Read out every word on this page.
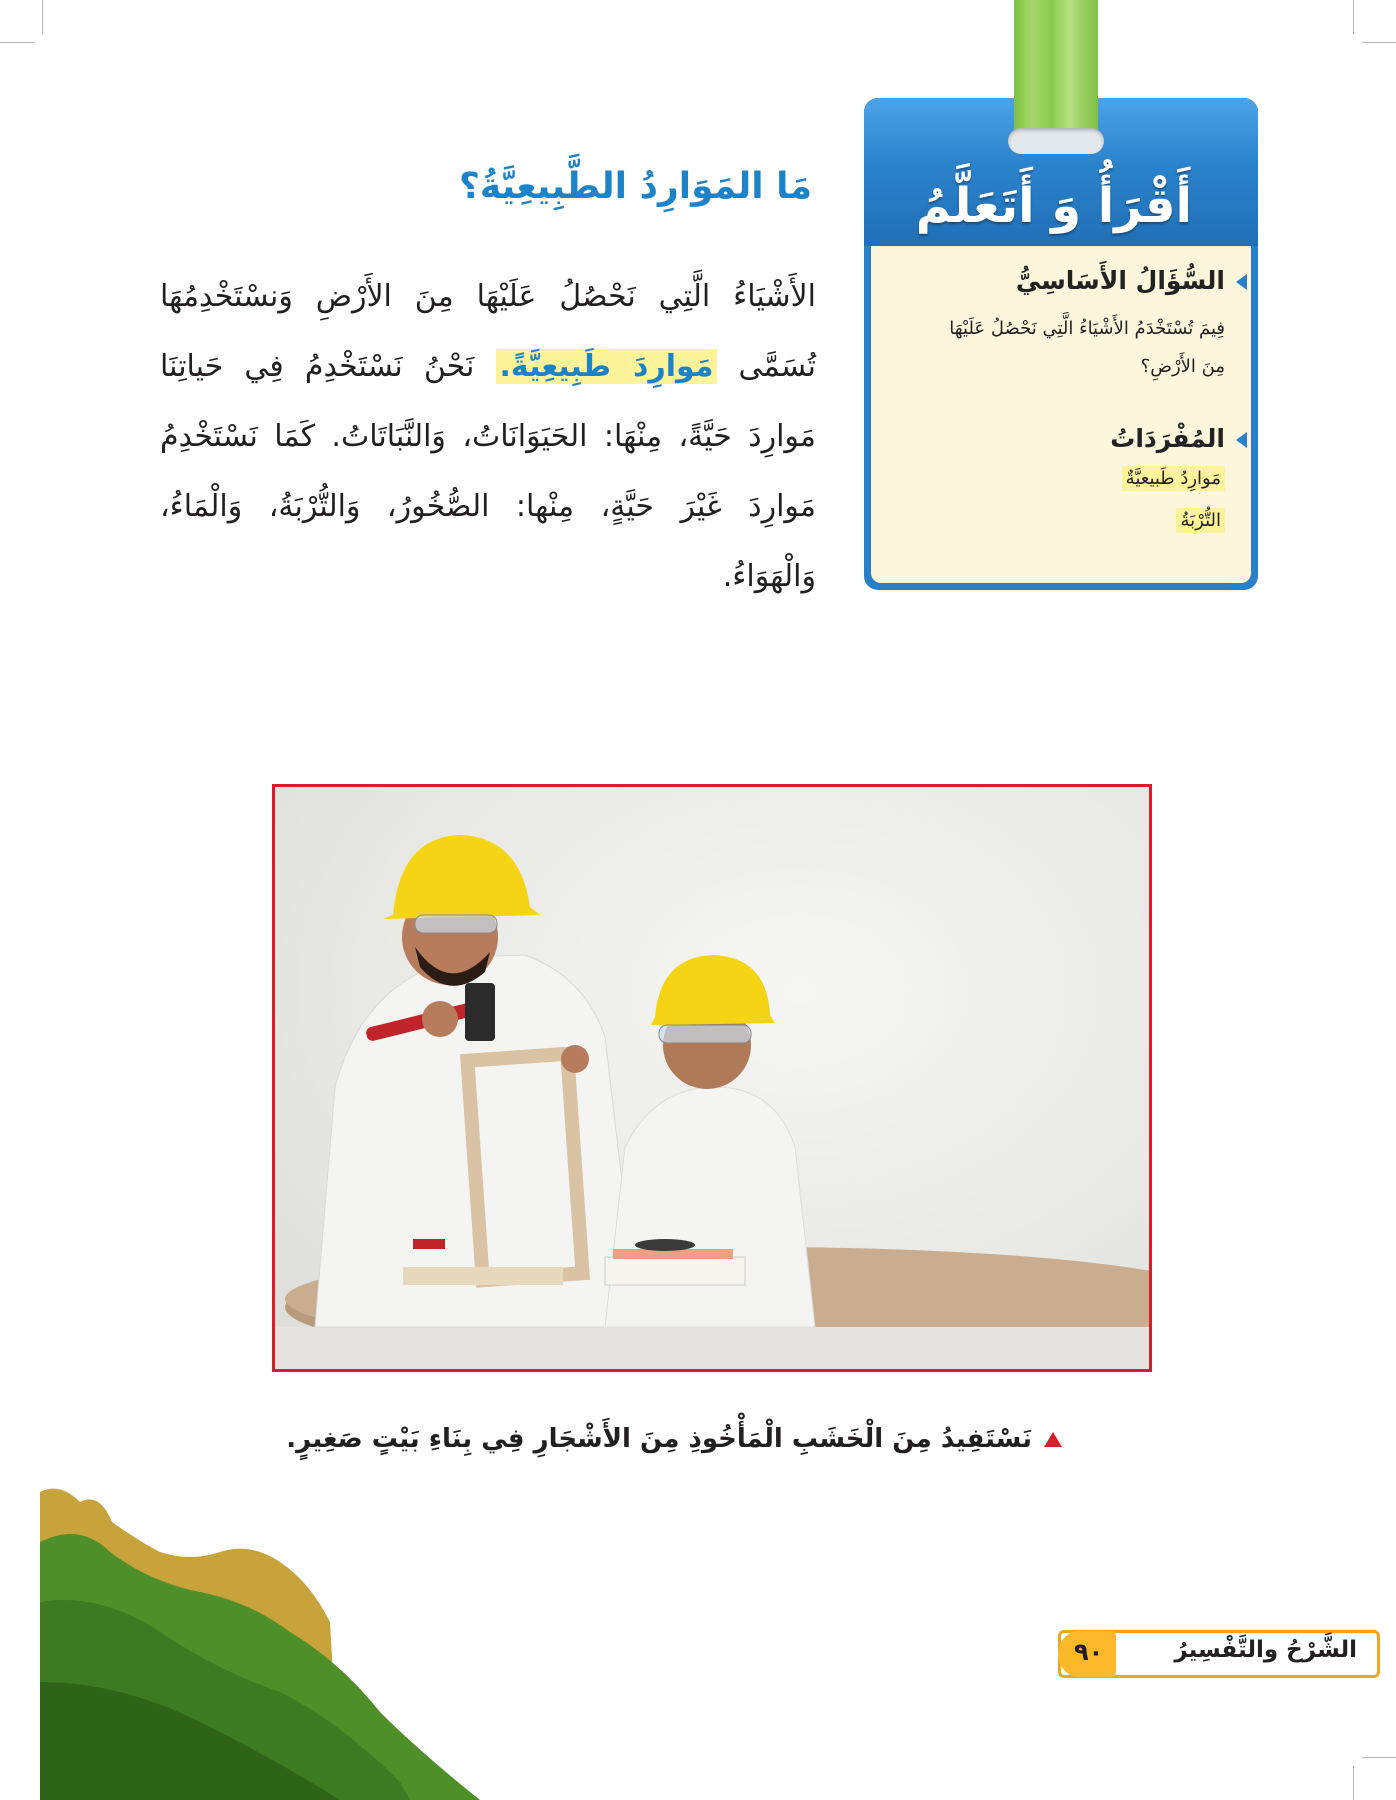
أَقْرَأُ وَ أَتَعَلَّمُ
السُّؤَالُ الأَسَاسِيُّ
فِيمَ تُسْتَخْدَمُ الأَشْيَاءُ الَّتِي نَحْصُلُ عَلَيْهَا
مِنَ الأَرْضِ؟
المُفْرَدَاتُ
مَوارِدُ طَبيعيَّةٌ
التُّرْبَةُ
مَا المَوَارِدُ الطَّبِيعِيَّةُ؟
الأَشْيَاءُ الَّتِي نَحْصُلُ عَلَيْهَا مِنَ الأَرْضِ وَنسْتَخْدِمُهَا تُسَمَّى مَوارِدَ طَبِيعِيَّةً. نَحْنُ نَسْتَخْدِمُ فِي حَياتِنَا مَوارِدَ حَيَّةً، مِنْهَا: الحَيَوَانَاتُ، وَالنَّبَاتَاتُ. كَمَا نَسْتَخْدِمُ مَوارِدَ غَيْرَ حَيَّةٍ، مِنْها: الصُّخُورُ، وَالتُّرْبَةُ، وَالْمَاءُ، وَالْهَوَاءُ.
نَسْتَفِيدُ مِنَ الْخَشَبِ الْمَأْخُوذِ مِنَ الأَشْجَارِ فِي بِنَاءِ بَيْتٍ صَغِيرٍ.
الشَّرْحُ والتَّفْسِيرُ
٩٠
